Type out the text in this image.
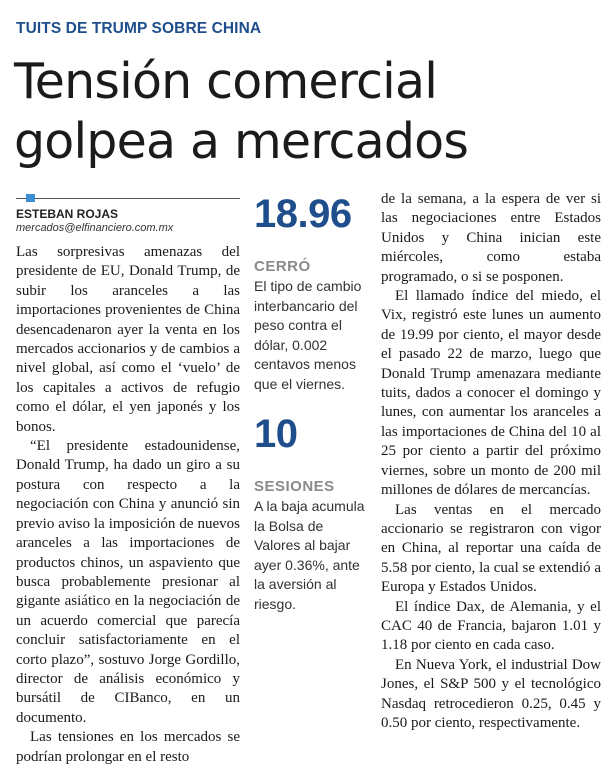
TUITS DE TRUMP SOBRE CHINA
Tensión comercial
golpea a mercados
ESTEBAN ROJAS
mercados@elfinanciero.com.mx

Las sorpresivas amenazas del presidente de EU, Donald Trump, de subir los aranceles a las importaciones provenientes de China desencadenaron ayer la venta en los mercados accionarios y de cambios a nivel global, así como el ‘vuelo’ de los capitales a activos de refugio como el dólar, el yen japonés y los bonos.

“El presidente estadounidense, Donald Trump, ha dado un giro a su postura con respecto a la negociación con China y anunció sin previo aviso la imposición de nuevos aranceles a las importaciones de productos chinos, un aspaviento que busca probablemente presionar al gigante asiático en la negociación de un acuerdo comercial que parecía concluir satisfactoriamente en el corto plazo”, sostuvo Jorge Gordillo, director de análisis económico y bursátil de CIBanco, en un documento.

Las tensiones en los mercados se podrían prolongar en el resto

18.96
CERRÓ
El tipo de cambio interbancario del peso contra el dólar, 0.002 centavos menos que el viernes.
10
SESIONES
A la baja acumula la Bolsa de Valores al bajar ayer 0.36%, ante la aversión al riesgo.

de la semana, a la espera de ver si las negociaciones entre Estados Unidos y China inician este miércoles, como estaba programado, o si se posponen.

El llamado índice del miedo, el Vix, registró este lunes un aumento de 19.99 por ciento, el mayor desde el pasado 22 de marzo, luego que Donald Trump amenazara mediante tuits, dados a conocer el domingo y lunes, con aumentar los aranceles a las importaciones de China del 10 al 25 por ciento a partir del próximo viernes, sobre un monto de 200 mil millones de dólares de mercancías.

Las ventas en el mercado accionario se registraron con vigor en China, al reportar una caída de 5.58 por ciento, la cual se extendió a Europa y Estados Unidos.

El índice Dax, de Alemania, y el CAC 40 de Francia, bajaron 1.01 y 1.18 por ciento en cada caso.

En Nueva York, el industrial Dow Jones, el S&P 500 y el tecnológico Nasdaq retrocedieron 0.25, 0.45 y 0.50 por ciento, respectivamente.
